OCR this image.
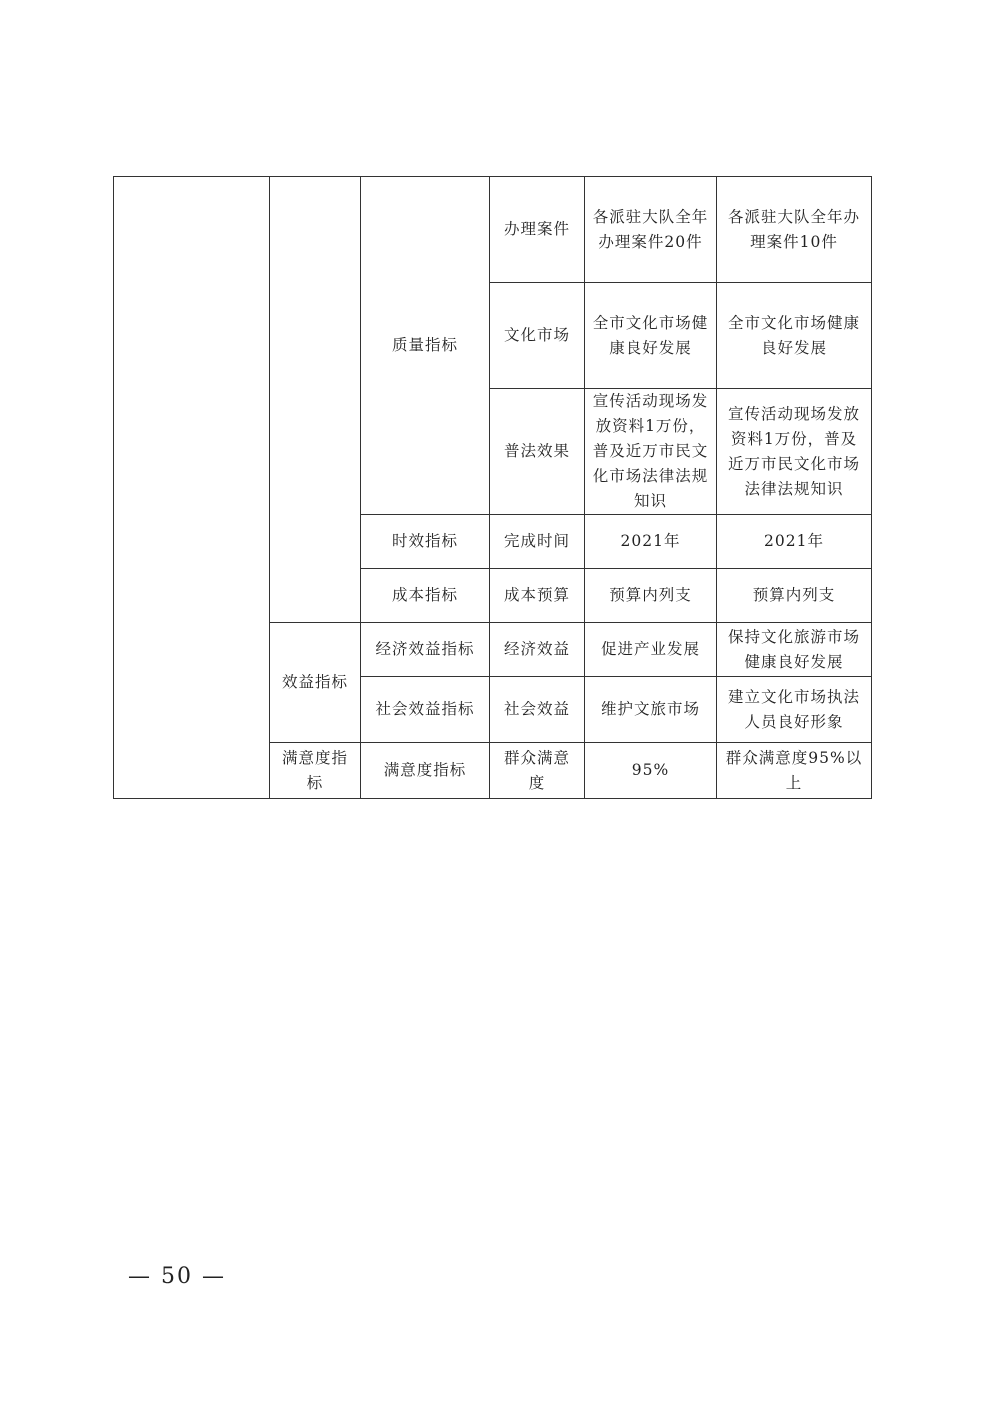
		质量指标	办理案件	各派驻大队全年办理案件20件	各派驻大队全年办理案件10件
			文化市场	全市文化市场健康良好发展	全市文化市场健康良好发展
			普法效果	宣传活动现场发放资料1万份，普及近万市民文化市场法律法规知识	宣传活动现场发放资料1万份，普及近万市民文化市场法律法规知识
		时效指标	完成时间	2021年	2021年
		成本指标	成本预算	预算内列支	预算内列支
	效益指标	经济效益指标	经济效益	促进产业发展	保持文化旅游市场健康良好发展
		社会效益指标	社会效益	维护文旅市场	建立文化市场执法人员良好形象
	满意度指标	满意度指标	群众满意度	95%	群众满意度95%以上
— 50 —
